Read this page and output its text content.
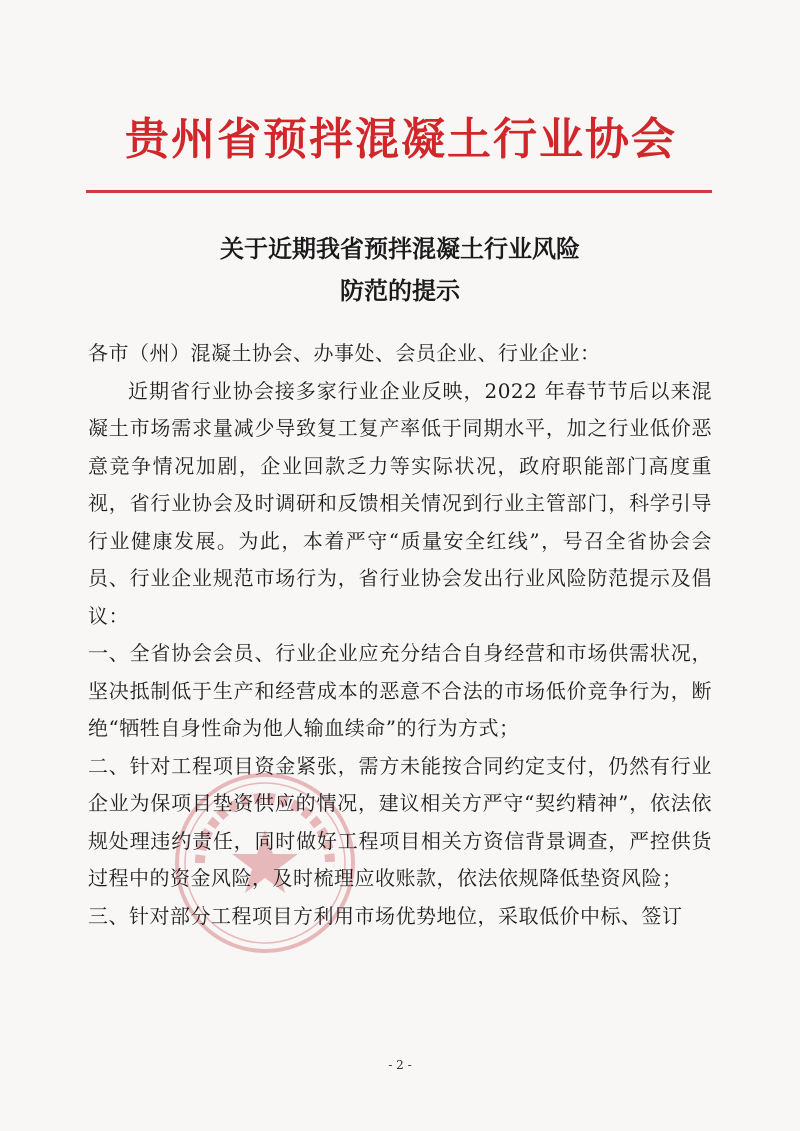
贵州省预拌混凝土行业协会
关于近期我省预拌混凝土行业风险
防范的提示

各市（州）混凝土协会、办事处、会员企业、行业企业：

近期省行业协会接多家行业企业反映，2022 年春节节后以来混凝土市场需求量减少导致复工复产率低于同期水平，加之行业低价恶意竞争情况加剧，企业回款乏力等实际状况，政府职能部门高度重视，省行业协会及时调研和反馈相关情况到行业主管部门，科学引导行业健康发展。为此，本着严守“质量安全红线”，号召全省协会会员、行业企业规范市场行为，省行业协会发出行业风险防范提示及倡议：

一、全省协会会员、行业企业应充分结合自身经营和市场供需状况，坚决抵制低于生产和经营成本的恶意不合法的市场低价竞争行为，断绝“牺牲自身性命为他人输血续命”的行为方式；

二、针对工程项目资金紧张，需方未能按合同约定支付，仍然有行业企业为保项目垫资供应的情况，建议相关方严守“契约精神”，依法依规处理违约责任，同时做好工程项目相关方资信背景调查，严控供货过程中的资金风险，及时梳理应收账款，依法依规降低垫资风险；

三、针对部分工程项目方利用市场优势地位，采取低价中标、签订

- 2 -
